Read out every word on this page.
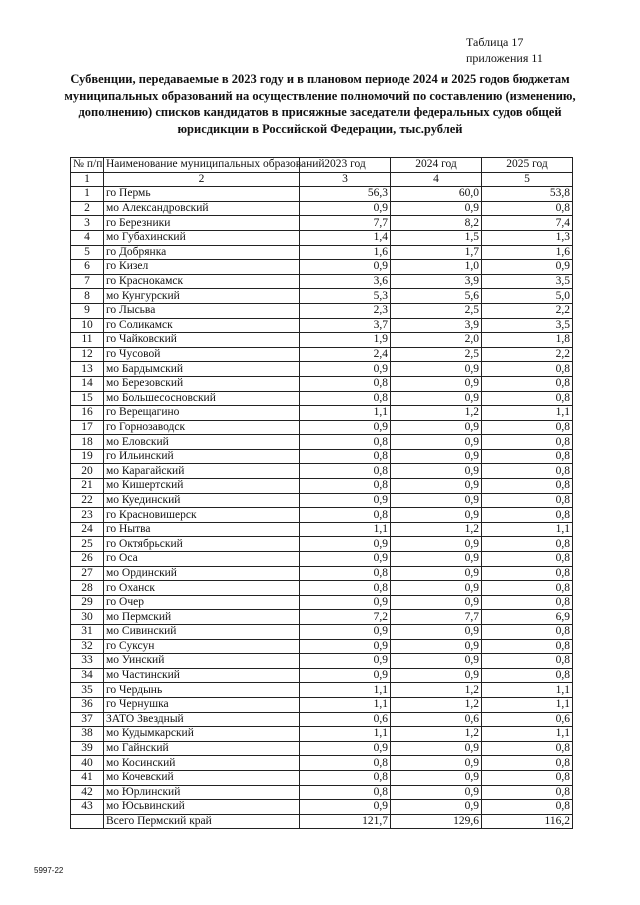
Таблица 17
приложения 11
Субвенции, передаваемые в 2023 году и в плановом периоде 2024 и 2025 годов бюджетам муниципальных образований на осуществление полномочий по составлению (изменению, дополнению) списков кандидатов в присяжные заседатели федеральных судов общей юрисдикции в Российской Федерации, тыс.рублей
№ п/п	Наименование муниципальных образований	2023 год	2024 год	2025 год
1	2	3	4	5
1	го Пермь	56,3	60,0	53,8
2	мо Александровский	0,9	0,9	0,8
3	го Березники	7,7	8,2	7,4
4	мо Губахинский	1,4	1,5	1,3
5	го Добрянка	1,6	1,7	1,6
6	го Кизел	0,9	1,0	0,9
7	го Краснокамск	3,6	3,9	3,5
8	мо Кунгурский	5,3	5,6	5,0
9	го Лысьва	2,3	2,5	2,2
10	го Соликамск	3,7	3,9	3,5
11	го Чайковский	1,9	2,0	1,8
12	го Чусовой	2,4	2,5	2,2
13	мо Бардымский	0,9	0,9	0,8
14	мо Березовский	0,8	0,9	0,8
15	мо Большесосновский	0,8	0,9	0,8
16	го Верещагино	1,1	1,2	1,1
17	го Горнозаводск	0,9	0,9	0,8
18	мо Еловский	0,8	0,9	0,8
19	го Ильинский	0,8	0,9	0,8
20	мо Карагайский	0,8	0,9	0,8
21	мо Кишертский	0,8	0,9	0,8
22	мо Куединский	0,9	0,9	0,8
23	го Красновишерск	0,8	0,9	0,8
24	го Нытва	1,1	1,2	1,1
25	го Октябрьский	0,9	0,9	0,8
26	го Оса	0,9	0,9	0,8
27	мо Ординский	0,8	0,9	0,8
28	го Оханск	0,8	0,9	0,8
29	го Очер	0,9	0,9	0,8
30	мо Пермский	7,2	7,7	6,9
31	мо Сивинский	0,9	0,9	0,8
32	го Суксун	0,9	0,9	0,8
33	мо Уинский	0,9	0,9	0,8
34	мо Частинский	0,9	0,9	0,8
35	го Чердынь	1,1	1,2	1,1
36	го Чернушка	1,1	1,2	1,1
37	ЗАТО Звездный	0,6	0,6	0,6
38	мо Кудымкарский	1,1	1,2	1,1
39	мо Гайнский	0,9	0,9	0,8
40	мо Косинский	0,8	0,9	0,8
41	мо Кочевский	0,8	0,9	0,8
42	мо Юрлинский	0,8	0,9	0,8
43	мо Юсьвинский	0,9	0,9	0,8
	Всего Пермский край	121,7	129,6	116,2
5997-22
